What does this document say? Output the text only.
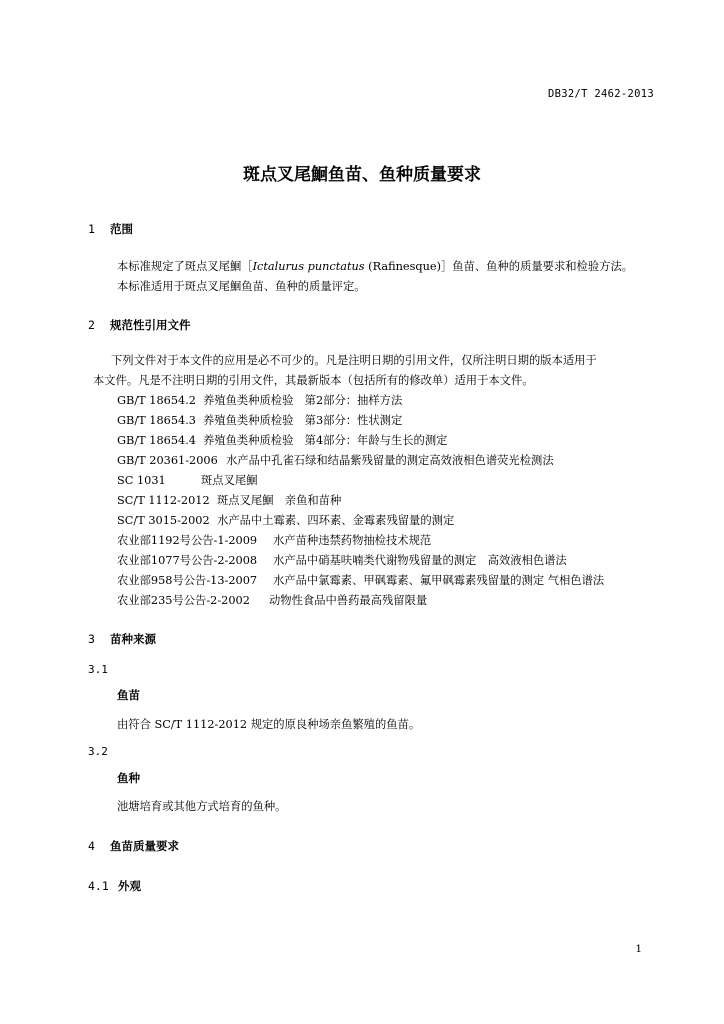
DB32/T 2462-2013
斑点叉尾鮰鱼苗、鱼种质量要求
1 范围
本标准规定了斑点叉尾鮰［Ictalurus punctatus (Rafinesque)］鱼苗、鱼种的质量要求和检验方法。
本标准适用于斑点叉尾鮰鱼苗、鱼种的质量评定。
2 规范性引用文件
下列文件对于本文件的应用是必不可少的。凡是注明日期的引用文件，仅所注明日期的版本适用于
本文件。凡是不注明日期的引用文件，其最新版本（包括所有的修改单）适用于本文件。
GB/T 18654.2 养殖鱼类种质检验　第2部分：抽样方法
GB/T 18654.3 养殖鱼类种质检验　第3部分：性状测定
GB/T 18654.4 养殖鱼类种质检验　第4部分：年龄与生长的测定
GB/T 20361-2006 水产品中孔雀石绿和结晶紫残留量的测定高效液相色谱荧光检测法
SC 1031	斑点叉尾鮰
SC/T 1112-2012 斑点叉尾鮰　亲鱼和苗种
SC/T 3015-2002 水产品中土霉素、四环素、金霉素残留量的测定
农业部1192号公告-1-2009 水产苗种违禁药物抽检技术规范
农业部1077号公告-2-2008 水产品中硝基呋喃类代谢物残留量的测定　高效液相色谱法
农业部958号公告-13-2007 水产品中氯霉素、甲砜霉素、氟甲砜霉素残留量的测定 气相色谱法
农业部235号公告-2-2002 动物性食品中兽药最高残留限量
3 苗种来源
3.1
鱼苗
由符合 SC/T 1112-2012 规定的原良种场亲鱼繁殖的鱼苗。
3.2
鱼种
池塘培育或其他方式培育的鱼种。
4 鱼苗质量要求
4.1 外观
1
